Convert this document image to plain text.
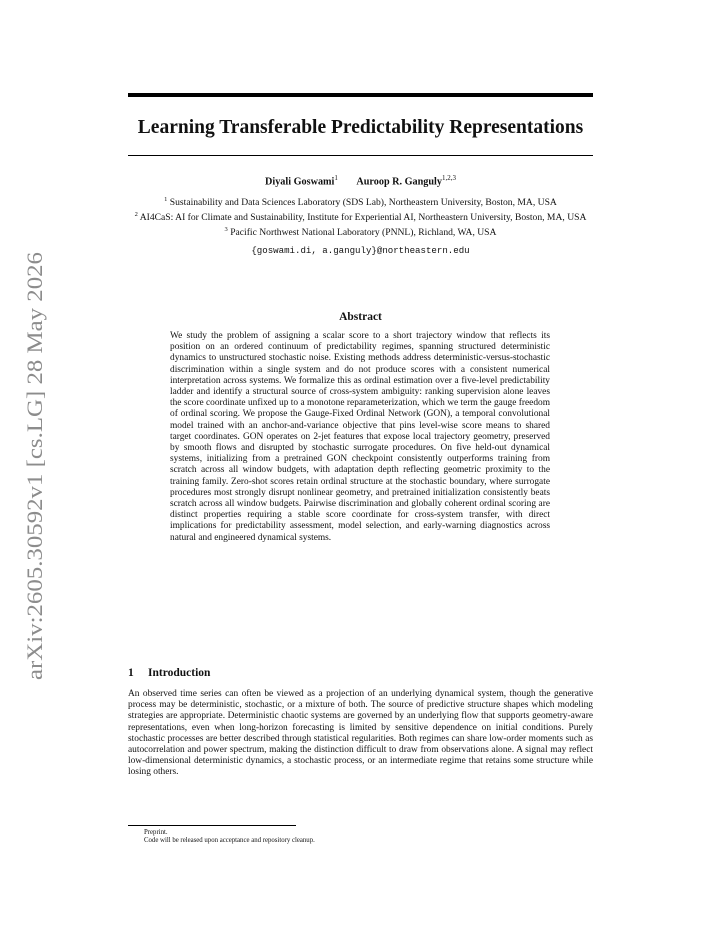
arXiv:2605.30592v1 [cs.LG] 28 May 2026
Learning Transferable Predictability Representations
Diyali Goswami$^1$ Auroop R. Ganguly$^{1,2,3}$

$^1$ Sustainability and Data Sciences Laboratory (SDS Lab), Northeastern University, Boston, MA, USA

$^2$ AI4CaS: AI for Climate and Sustainability, Institute for Experiential AI, Northeastern University, Boston, MA, USA

$^3$ Pacific Northwest National Laboratory (PNNL), Richland, WA, USA

{goswami.di, a.ganguly}@northeastern.edu

Abstract

We study the problem of assigning a scalar score to a short trajectory window that reflects its position on an ordered continuum of predictability regimes, spanning structured deterministic dynamics to unstructured stochastic noise. Existing methods address deterministic-versus-stochastic discrimination within a single system and do not produce scores with a consistent numerical interpretation across systems. We formalize this as ordinal estimation over a five-level predictability ladder and identify a structural source of cross-system ambiguity: ranking supervision alone leaves the score coordinate unfixed up to a monotone reparameterization, which we term the gauge freedom of ordinal scoring. We propose the Gauge-Fixed Ordinal Network (GON), a temporal convolutional model trained with an anchor-and-variance objective that pins level-wise score means to shared target coordinates. GON operates on 2-jet features that expose local trajectory geometry, preserved by smooth flows and disrupted by stochastic surrogate procedures. On five held-out dynamical systems, initializing from a pretrained GON checkpoint consistently outperforms training from scratch across all window budgets, with adaptation depth reflecting geometric proximity to the training family. Zero-shot scores retain ordinal structure at the stochastic boundary, where surrogate procedures most strongly disrupt nonlinear geometry, and pretrained initialization consistently beats scratch across all window budgets. Pairwise discrimination and globally coherent ordinal scoring are distinct properties requiring a stable score coordinate for cross-system transfer, with direct implications for predictability assessment, model selection, and early-warning diagnostics across natural and engineered dynamical systems.

1 Introduction

An observed time series can often be viewed as a projection of an underlying dynamical system, though the generative process may be deterministic, stochastic, or a mixture of both. The source of predictive structure shapes which modeling strategies are appropriate. Deterministic chaotic systems are governed by an underlying flow that supports geometry-aware representations, even when long-horizon forecasting is limited by sensitive dependence on initial conditions. Purely stochastic processes are better described through statistical regularities. Both regimes can share low-order moments such as autocorrelation and power spectrum, making the distinction difficult to draw from observations alone. A signal may reflect low-dimensional deterministic dynamics, a stochastic process, or an intermediate regime that retains some structure while losing others.

Preprint.
Code will be released upon acceptance and repository cleanup.
